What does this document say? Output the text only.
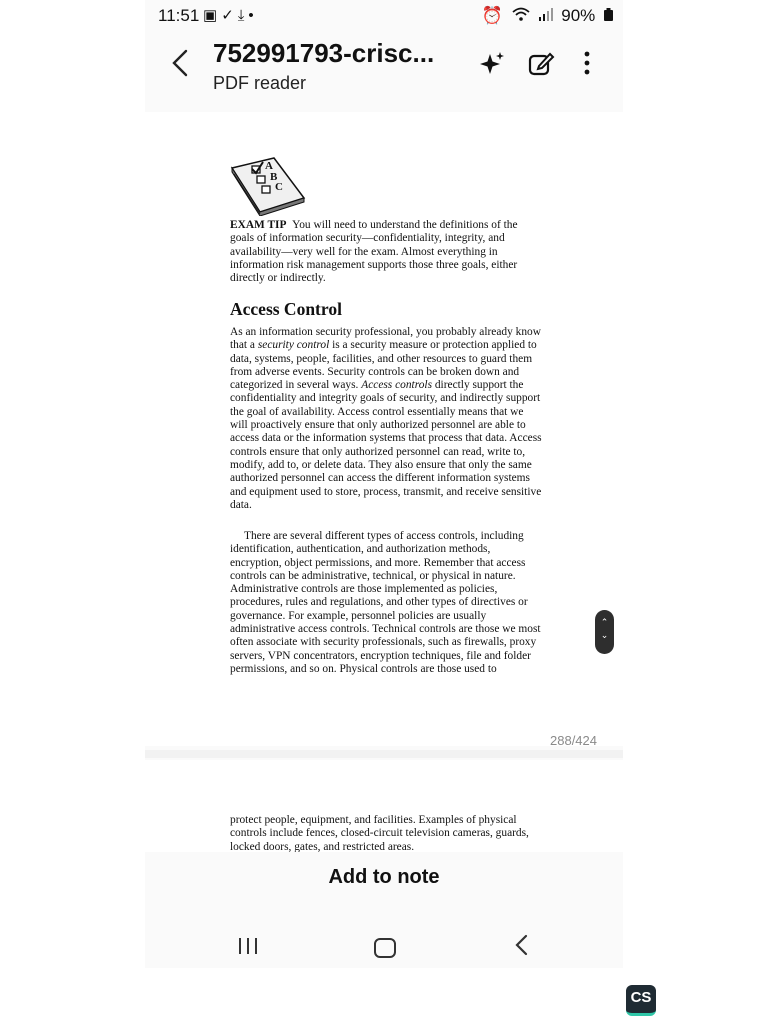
11:51 ▣✓⤓•	⏰	90%
752991793-crisc...
PDF reader
A
B
C
EXAM TIP You will need to understand the definitions of the goals of information security—confidentiality, integrity, and availability—very well for the exam. Almost everything in information risk management supports those three goals, either directly or indirectly.
Access Control
As an information security professional, you probably already know that a security control is a security measure or protection applied to data, systems, people, facilities, and other resources to guard them from adverse events. Security controls can be broken down and categorized in several ways. Access controls directly support the confidentiality and integrity goals of security, and indirectly support the goal of availability. Access control essentially means that we will proactively ensure that only authorized personnel are able to access data or the information systems that process that data. Access controls ensure that only authorized personnel can read, write to, modify, add to, or delete data. They also ensure that only the same authorized personnel can access the different information systems and equipment used to store, process, transmit, and receive sensitive data.
There are several different types of access controls, including identification, authentication, and authorization methods, encryption, object permissions, and more. Remember that access controls can be administrative, technical, or physical in nature. Administrative controls are those implemented as policies, procedures, rules and regulations, and other types of directives or governance. For example, personnel policies are usually administrative access controls. Technical controls are those we most often associate with security professionals, such as firewalls, proxy servers, VPN concentrators, encryption techniques, file and folder permissions, and so on. Physical controls are those used to
288/424
protect people, equipment, and facilities. Examples of physical controls include fences, closed-circuit television cameras, guards, locked doors, gates, and restricted areas.
⌃
⌄
Add to note
CS
